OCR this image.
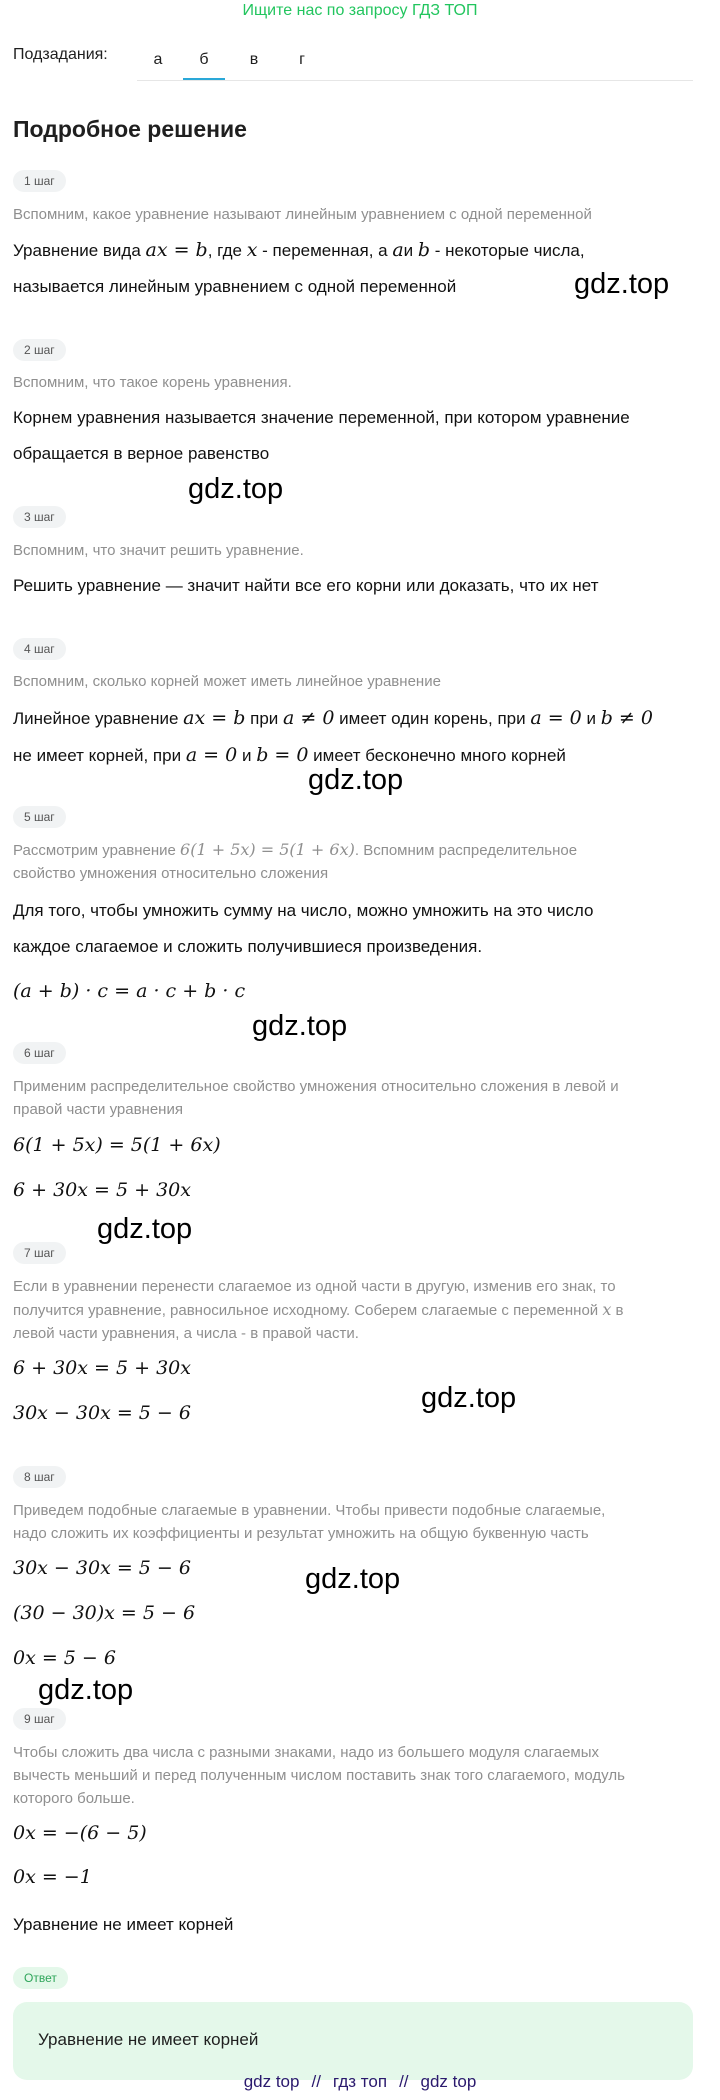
Ищите нас по запросу ГДЗ ТОП
Подзадания:	а	б	в	г
Подробное решение
1 шаг
Вспомним, какое уравнение называют линейным уравнением с одной переменной
Уравнение вида ax = b, где x - переменная, а aи b - некоторые числа,
называется линейным уравнением с одной переменной	gdz.top
2 шаг
Вспомним, что такое корень уравнения.
Корнем уравнения называется значение переменной, при котором уравнение
обращается в верное равенство
gdz.top
3 шаг
Вспомним, что значит решить уравнение.
Решить уравнение — значит найти все его корни или доказать, что их нет
4 шаг
Вспомним, сколько корней может иметь линейное уравнение
Линейное уравнение ax = b при a ≠ 0 имеет один корень, при a = 0 и b ≠ 0
не имеет корней, при a = 0 и b = 0 имеет бесконечно много корней
gdz.top
5 шаг
Рассмотрим уравнение 6(1 + 5x) = 5(1 + 6x). Вспомним распределительное
свойство умножения относительно сложения
Для того, чтобы умножить сумму на число, можно умножить на это число
каждое слагаемое и сложить получившиеся произведения.
(a + b) · c = a · c + b · c
gdz.top
6 шаг
Применим распределительное свойство умножения относительно сложения в левой и
правой части уравнения
6(1 + 5x) = 5(1 + 6x)
6 + 30x = 5 + 30x
gdz.top
7 шаг
Если в уравнении перенести слагаемое из одной части в другую, изменив его знак, то
получится уравнение, равносильное исходному. Соберем слагаемые с переменной x в
левой части уравнения, а числа - в правой части.
6 + 30x = 5 + 30x
30x − 30x = 5 − 6	gdz.top
8 шаг
Приведем подобные слагаемые в уравнении. Чтобы привести подобные слагаемые,
надо сложить их коэффициенты и результат умножить на общую буквенную часть
30x − 30x = 5 − 6
(30 − 30)x = 5 − 6
0x = 5 − 6
gdz.top
gdz.top
9 шаг
Чтобы сложить два числа с разными знаками, надо из большего модуля слагаемых
вычесть меньший и перед полученным числом поставить знак того слагаемого, модуль
которого больше.
0x = −(6 − 5)
0x = −1
Уравнение не имеет корней
Ответ
Уравнение не имеет корней
gdz top // гдз топ // gdz top
